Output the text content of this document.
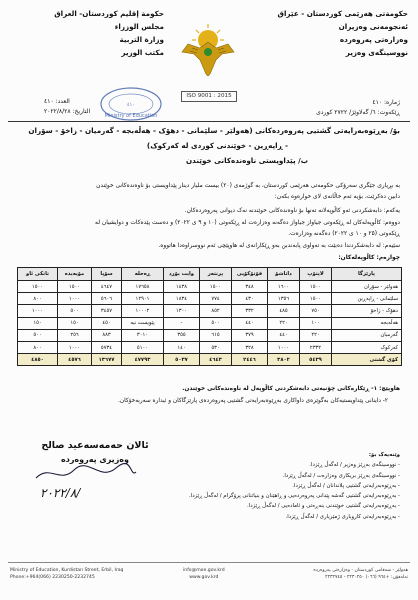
حكومةتی هەرێمی کوردستان - عێراق
ئەنجومەنی وەزیران
وەزارەتی پەروەردە
نووسینگەی وەزیر
حكومة إقليم كوردستان- العراق
مجلس الوزراء
وزارة التربية
مكتب الوزير
ISO 9001 : 2015
Ministry of Education
٤١٠	ژمارە: ٤١٠
ڕێکەوت: ٦/ گەلاوێژ/ ٢٧٢٢ کوردی
العدد: ٤١٠
التاريخ: ٢٠٢٢/٨/٢٨
بۆ/ بەڕێوەبەرایەتی گشتیی پەروەردەکانی (هەولێر - سلێمانی - دهۆک - هەڵەبجە - گەرمیان - زاخۆ - سۆران
- ڕاپەڕین - خوێندنی کوردی لە کەرکوک)
ب/ پێداویستی ناوەندەکانی خوێندن
بە بڕیاری جێگری سەرۆکی حکومەتی هەرێمی کوردستان، بە گوژمەی (٢٠) بیست ملیار دینار پێداویستی بۆ ناوەندەکانی خوێندن
دابین دەکرێت، بۆیە ئەم خاڵانەی لای خوارەوە بکەن:
یەکەم: دابەشکردنی ئەو کاڵوپەلانە تەنها بۆ ناوەندەکانی خوێندنە نەک دیوانی پەروەردەکان.
دووەم: کاڵوپەلەکان لە ڕێکەوتی جیاواز جیاواز دەگەنە وەزارەت لە ڕێکەوتی (١٠ و ٩ ی ٢٠٢٢) و دەست پێدەکات و دوایشیان لە
ڕێکەوتی (٢٥ و ١٠ ی ٢٠٢٢) دەگەنە وەزارەت.
سێیەم: لە دابەشکردندا دەبێت بە تەواوی پابەندبن بەو ڕێکارانەی لە هاوپێچی ئەم نووسراوەدا هاتووە.
چوارەم: کاڵوپەلەکان:
پارێزگا	لاپتۆپ	داتاشۆ	فۆتۆکۆپی	پرنتەر	وایت بۆرد	ڕەحلە	سۆپا	مۆبەیدە	تانکی ئاو
هەولێر - سۆران	١٥٠٠	١٦٠٠	٣٤٨	١٥٠٠	١٤٣٨	١٧٦٥٨	٤٦٤٧	١٥٠٠	١٥٠٠
سلێمانی - ڕاپەڕین	١٥٠٠	١٣٥٦	٤٣٠	٧٧٤	١٨٣٤	١٢٩٠١	٥٦٠٦	١٠٠٠	٨٠٠
دهۆک - زاخۆ	٧٥٠	٤٨٥	٣٣٢	٨٥٢	١٣٠٠	١٠٠٠٢	٣٤٥٧	٥٠٠	١٠٠٠
هەڵەبجە	١٠٠	٢٢٠	٤٤٠	٥٠٠	-	پێویست نیە	٤٥٠	١٥٠	١٥٠
گەرمیان	٢٢٠	٤٤٠	٣٧٩	٦١٥	٣٥٥	٣٠١٠	٨٨٣	٢٥٦	٥٠٠
کەرکوک	٢٣٣٢	١٠٠٠	٣٢٨	٥٣٠	١٤٠	٥١٠٠	٥٧٣٤	١٠٠٠	٨٠٠
کۆی گشتی	٥٤٣٩	٣٨٠٢	٢٤٤٦	٤٦٤٣	٥٠٣٧	٤٧٧٩٣	١٣٦٧٧	٤٥٧٦	٤٨٥٠
هاوپێچ: ١- ڕێکارەکانی چۆنیەتی دابەشکردنی کاڵوپەل لە ناوەندەکانی خوێندن.
٢- داینانی پێداویستیەکان بەگوێرەی داواکاری بەڕێوەبەرایەتی گشتیی پەروەردەی پارێزگاکان و ئیدارە سەربەخۆکان.
ئالان حەمەسەعید صالح
وەزیری پەروەردە
٢٠٢٢/٨/
وێنەیەک بۆ:
- نووسینگەی بەڕێز وەزیر / لەگەڵ ڕێزدا.
- نووسینگەی بەڕێز بریکاری وەزارەت / لەگەڵ ڕێزدا.
- بەڕێوەبەرایەتی گشتیی پلاندانان / لەگەڵ ڕێزدا.
- بەڕێوەبەرایەتی گشتیی گەشە پێدانی پەروەردەیی و ڕاهێنان و بنیاتنانی پرۆگرام / لەگەڵ ڕێزدا.
- بەڕێوەبەرایەتی گشتیی خوێندنی بنەڕەتی و ئامادەیی / لەگەڵ ڕێزدا.
- بەڕێوەبەرایەتی کاروباری ژمێریاری / لەگەڵ ڕێزدا.
Ministry of Education, Kurdistan Street, Erbil, Iraq
Phone:+964(066) 2230250-2232745
info@moe.gov.krd
www.gov.krd
هەولێر - شەقامی کوردستان - وەزارەتی پەروەردە
تەلەفۆن: +٩٦٤ (٠٦٦) ٢٢٣٠٢٥٠ - ٢٢٣٢٧٤٥
